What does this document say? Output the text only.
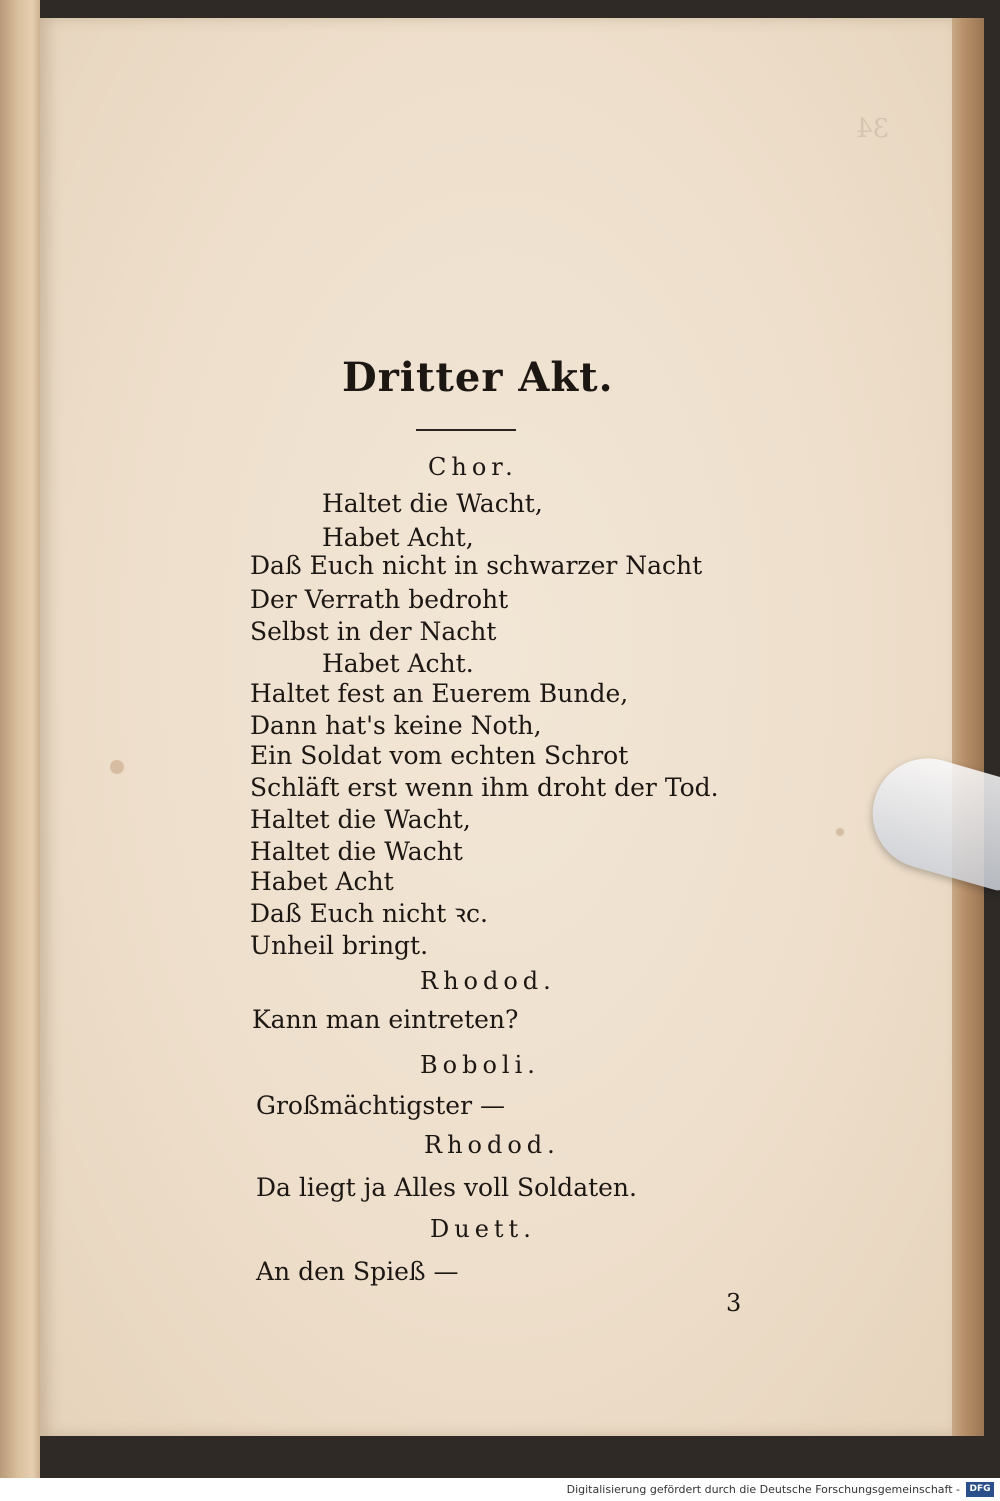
34
Dritter Akt.
Chor.
Haltet die Wacht,
Habet Acht,
Daß Euch nicht in schwarzer Nacht
Der Verrath bedroht
Selbst in der Nacht
Habet Acht.
Haltet fest an Euerem Bunde,
Dann hat's keine Noth,
Ein Soldat vom echten Schrot
Schläft erst wenn ihm droht der Tod.
Haltet die Wacht,
Haltet die Wacht
Habet Acht
Daß Euch nicht ꝛc.
Unheil bringt.
Rhodod.
Kann man eintreten?
Boboli.
Großmächtigster —
Rhodod.
Da liegt ja Alles voll Soldaten.
Duett.
An den Spieß —
3
Digitalisierung gefördert durch die Deutsche Forschungsgemeinschaft -	DFG
